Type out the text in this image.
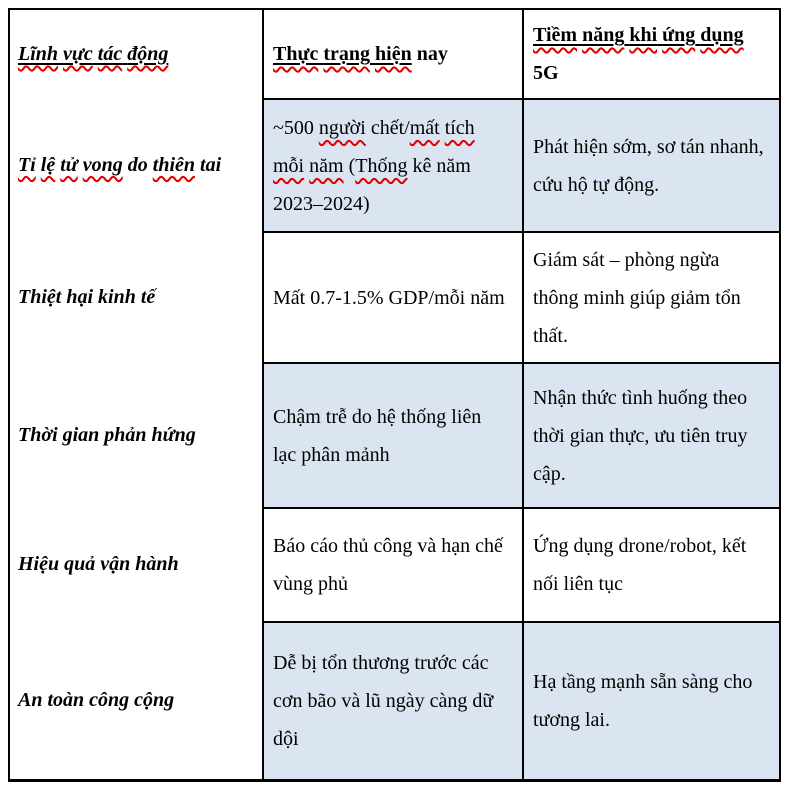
Lĩnh vực tác động
Tỉ lệ tử vong do thiên tai
Thiệt hại kinh tế
Thời gian phản hứng
Hiệu quả vận hành
An toàn công cộng
Thực trạng hiện nay
Tiềm năng khi ứng dụng 5G
~500 người chết/mất tích mỗi năm (Thống kê năm 2023–2024)
Phát hiện sớm, sơ tán nhanh, cứu hộ tự động.
Mất 0.7-1.5% GDP/mỗi năm
Giám sát – phòng ngừa thông minh giúp giảm tổn thất.
Chậm trễ do hệ thống liên lạc phân mảnh
Nhận thức tình huống theo thời gian thực, ưu tiên truy cập.
Báo cáo thủ công và hạn chế vùng phủ
Ứng dụng drone/robot, kết nối liên tục
Dễ bị tổn thương trước các cơn bão và lũ ngày càng dữ dội
Hạ tầng mạnh sẵn sàng cho tương lai.
